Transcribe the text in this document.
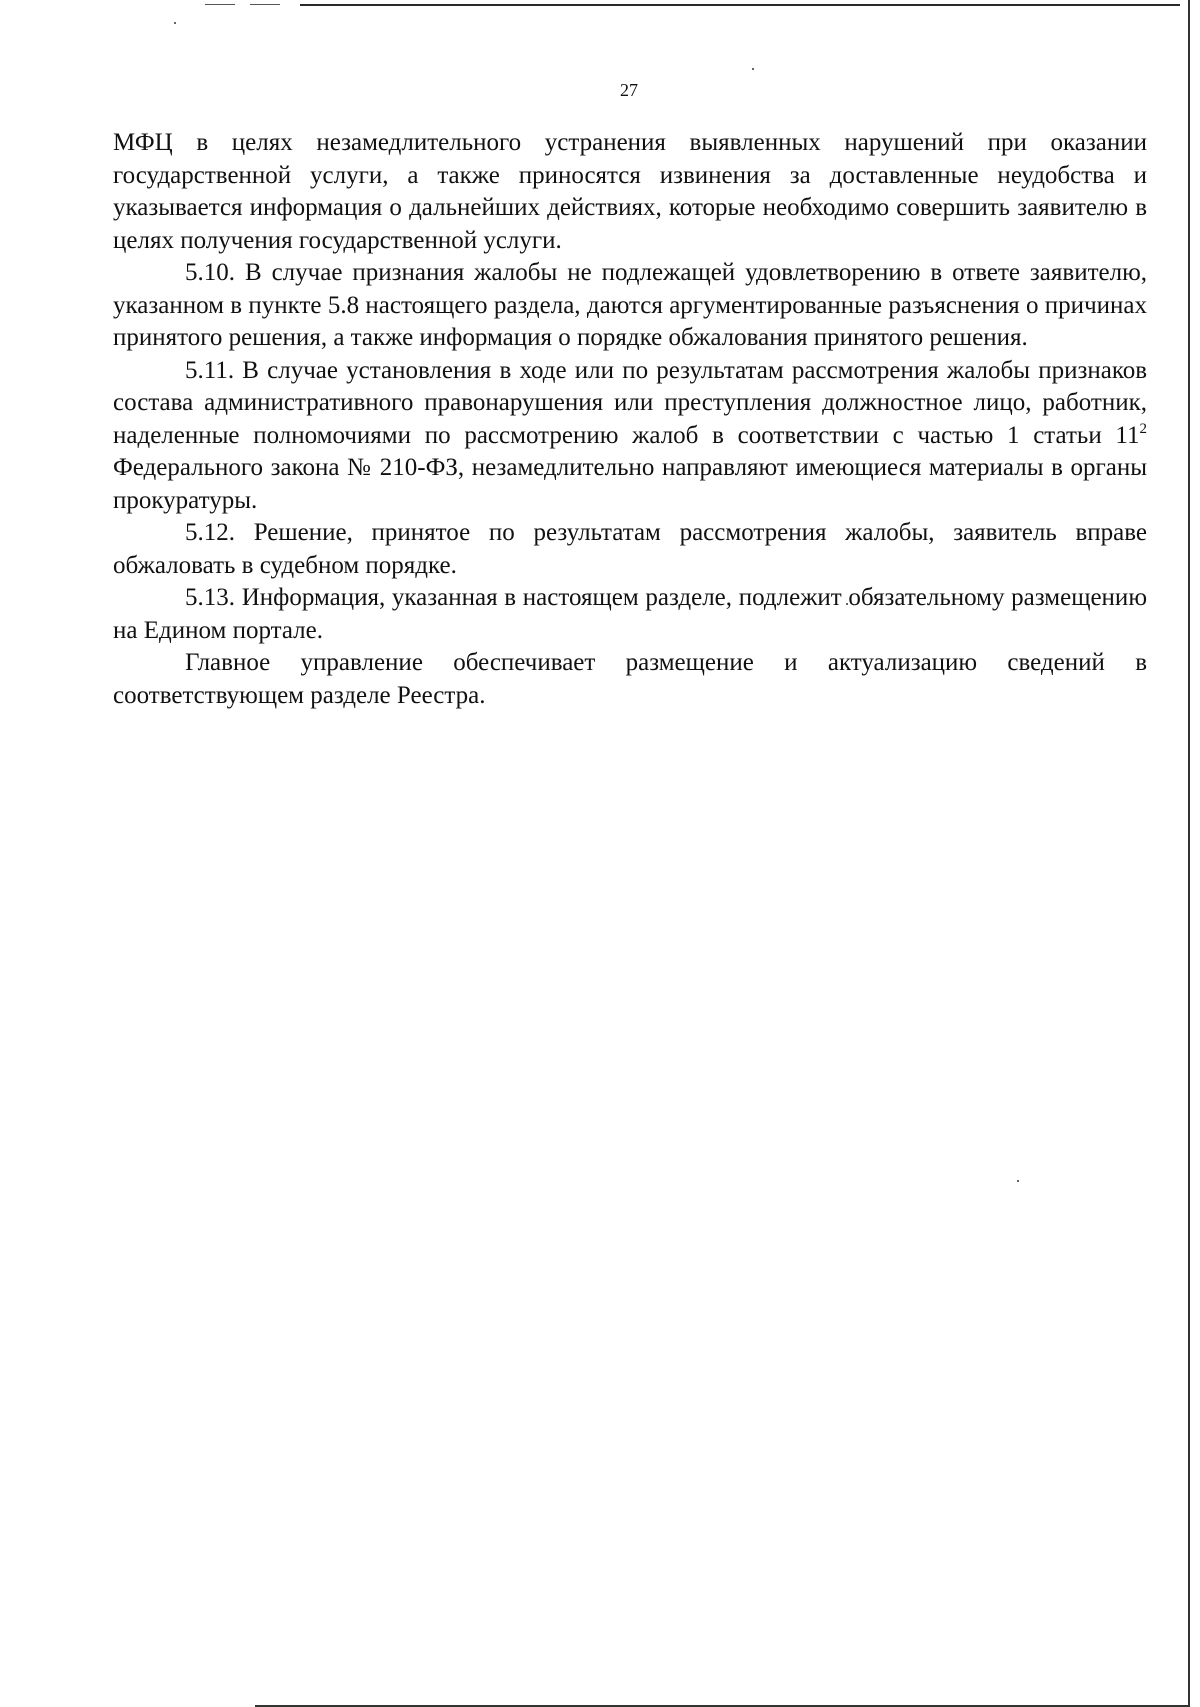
27

МФЦ в целях незамедлительного устранения выявленных нарушений при оказании государственной услуги, а также приносятся извинения за доставленные неудобства и указывается информация о дальнейших действиях, которые необходимо совершить заявителю в целях получения государственной услуги.

5.10. В случае признания жалобы не подлежащей удовлетворению в ответе заявителю, указанном в пункте 5.8 настоящего раздела, даются аргументированные разъяснения о причинах принятого решения, а также информация о порядке обжалования принятого решения.

5.11. В случае установления в ходе или по результатам рассмотрения жалобы признаков состава административного правонарушения или преступления должностное лицо, работник, наделенные полномочиями по рассмотрению жалоб в соответствии с частью 1 статьи $11^2$ Федерального закона № 210-ФЗ, незамедлительно направляют имеющиеся материалы в органы прокуратуры.

5.12. Решение, принятое по результатам рассмотрения жалобы, заявитель вправе обжаловать в судебном порядке.

5.13. Информация, указанная в настоящем разделе, подлежит обязательному размещению на Едином портале.

Главное управление обеспечивает размещение и актуализацию сведений в соответствующем разделе Реестра.
